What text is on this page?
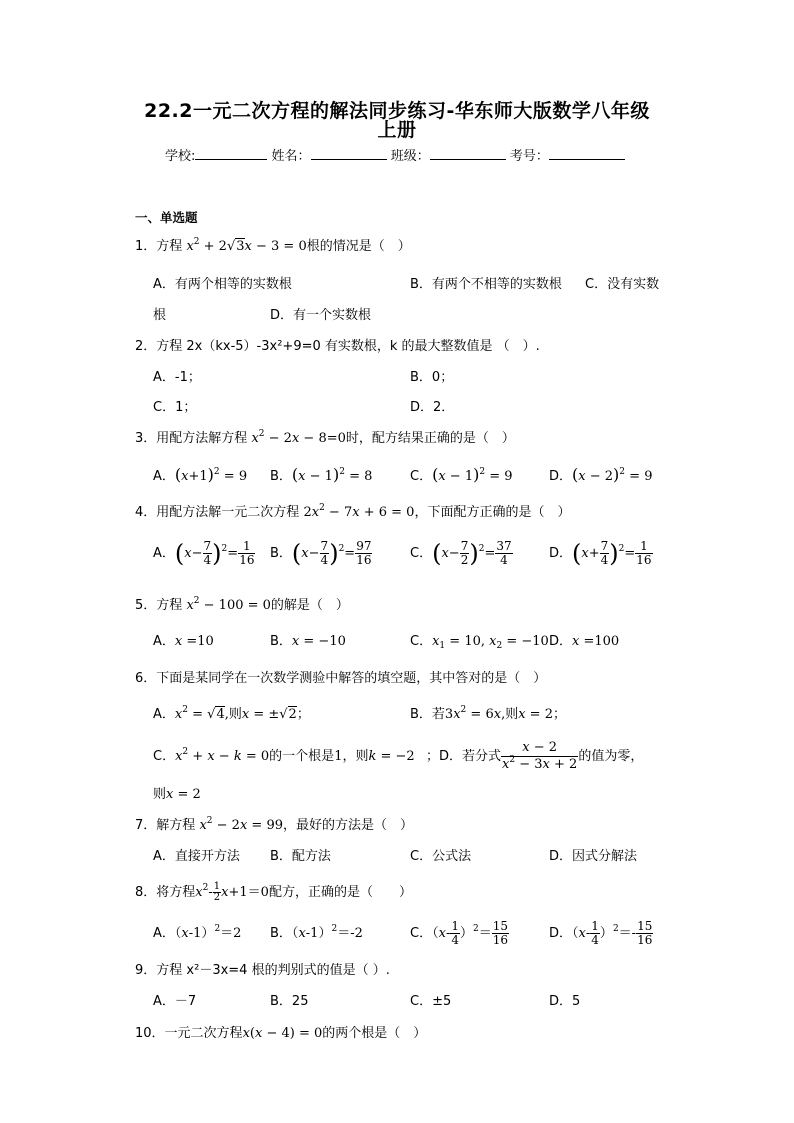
22.2一元二次方程的解法同步练习-华东师大版数学八年级
上册
学校:	姓名：	班级：	考号：
一、单选题
1．方程 $x^2 + 2√3x - 3 = 0$根的情况是（　）
A．有两个相等的实数根	B．有两个不相等的实数根 C．没有实数
根	D．有一个实数根
2．方程 2x（kx-5）-3x²+9=0 有实数根，k 的最大整数值是 （　）.
A．-1；	B．0；
C．1；	D．2．
3．用配方法解方程 $x^2 - 2x - 8=0$时，配方结果正确的是（　）
A．$(x+1)^2 = 9$ B．$(x - 1)^2 = 8$	C．$(x - 1)^2 = 9$	D．$(x - 2)^2 = 9$
4．用配方法解一元二次方程 $2x^2 - 7x + 6 = 0$，下面配方正确的是（　）
A．$(x- \frac{7}{4} )^2= \frac{1}{16}$ B．$(x- \frac{7}{4} )^2= \frac{97}{16}$	C．$(x- \frac{7}{2} )^2= \frac{37}{4}$	D．$(x+ \frac{7}{4} )^2= \frac{1}{16}$
5．方程 $x^2 - 100 = 0$的解是（　）
A．x =10	B．x = −10	C．$x_1 = 10$, $x_2 = -10$ D．x =100
6．下面是某同学在一次数学测验中解答的填空题，其中答对的是（　）
A．$x^2 = √4$,则x = ±√2；	B．若$3x^2 = 6x$,则x = 2；
C．$x^2 + x - k = 0$的一个根是1，则k = −2 ；D．若分式 $\frac{x - 2}{x^2 - 3x + 2}$ 的值为零，
则x = 2
7．解方程 $x^2 - 2x = 99$，最好的方法是（　）
A．直接开方法 B．配方法	C．公式法	D．因式分解法
8．将方程$x^2- \frac{1}{2} x+1=0$配方，正确的是（　　）
A．$(x-1)^2=2$ B．$(x-1)^2=-2$	C．$(x- \frac{1}{4} )^2= \frac{15}{16}$	D．$(x- \frac{1}{4} )^2=- \frac{15}{16}$
9．方程 x²－3x=4 根的判别式的值是（ ）.
A．－7	B．25	C．±5	D．5
10．一元二次方程x(x − 4) = 0的两个根是（　）
